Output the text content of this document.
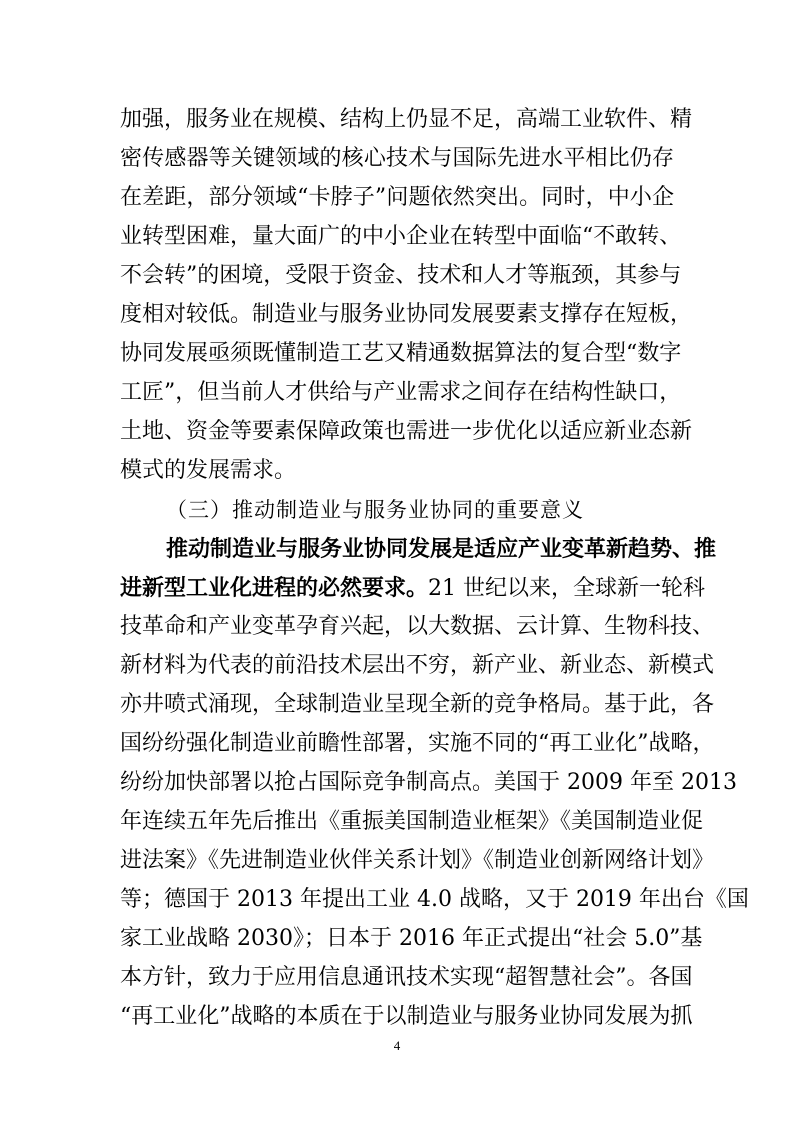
加强，服务业在规模、结构上仍显不足，高端工业软件、精
密传感器等关键领域的核心技术与国际先进水平相比仍存
在差距，部分领域“卡脖子”问题依然突出。同时，中小企
业转型困难，量大面广的中小企业在转型中面临“不敢转、
不会转”的困境，受限于资金、技术和人才等瓶颈，其参与
度相对较低。制造业与服务业协同发展要素支撑存在短板，
协同发展亟须既懂制造工艺又精通数据算法的复合型“数字
工匠”，但当前人才供给与产业需求之间存在结构性缺口，
土地、资金等要素保障政策也需进一步优化以适应新业态新
模式的发展需求。
（三）推动制造业与服务业协同的重要意义
推动制造业与服务业协同发展是适应产业变革新趋势、推
进新型工业化进程的必然要求。21 世纪以来，全球新一轮科
技革命和产业变革孕育兴起，以大数据、云计算、生物科技、
新材料为代表的前沿技术层出不穷，新产业、新业态、新模式
亦井喷式涌现，全球制造业呈现全新的竞争格局。基于此，各
国纷纷强化制造业前瞻性部署，实施不同的“再工业化”战略，
纷纷加快部署以抢占国际竞争制高点。美国于 2009 年至 2013
年连续五年先后推出《重振美国制造业框架》《美国制造业促
进法案》《先进制造业伙伴关系计划》《制造业创新网络计划》
等；德国于 2013 年提出工业 4.0 战略，又于 2019 年出台《国
家工业战略 2030》；日本于 2016 年正式提出“社会 5.0”基
本方针，致力于应用信息通讯技术实现“超智慧社会”。各国
“再工业化”战略的本质在于以制造业与服务业协同发展为抓
4
